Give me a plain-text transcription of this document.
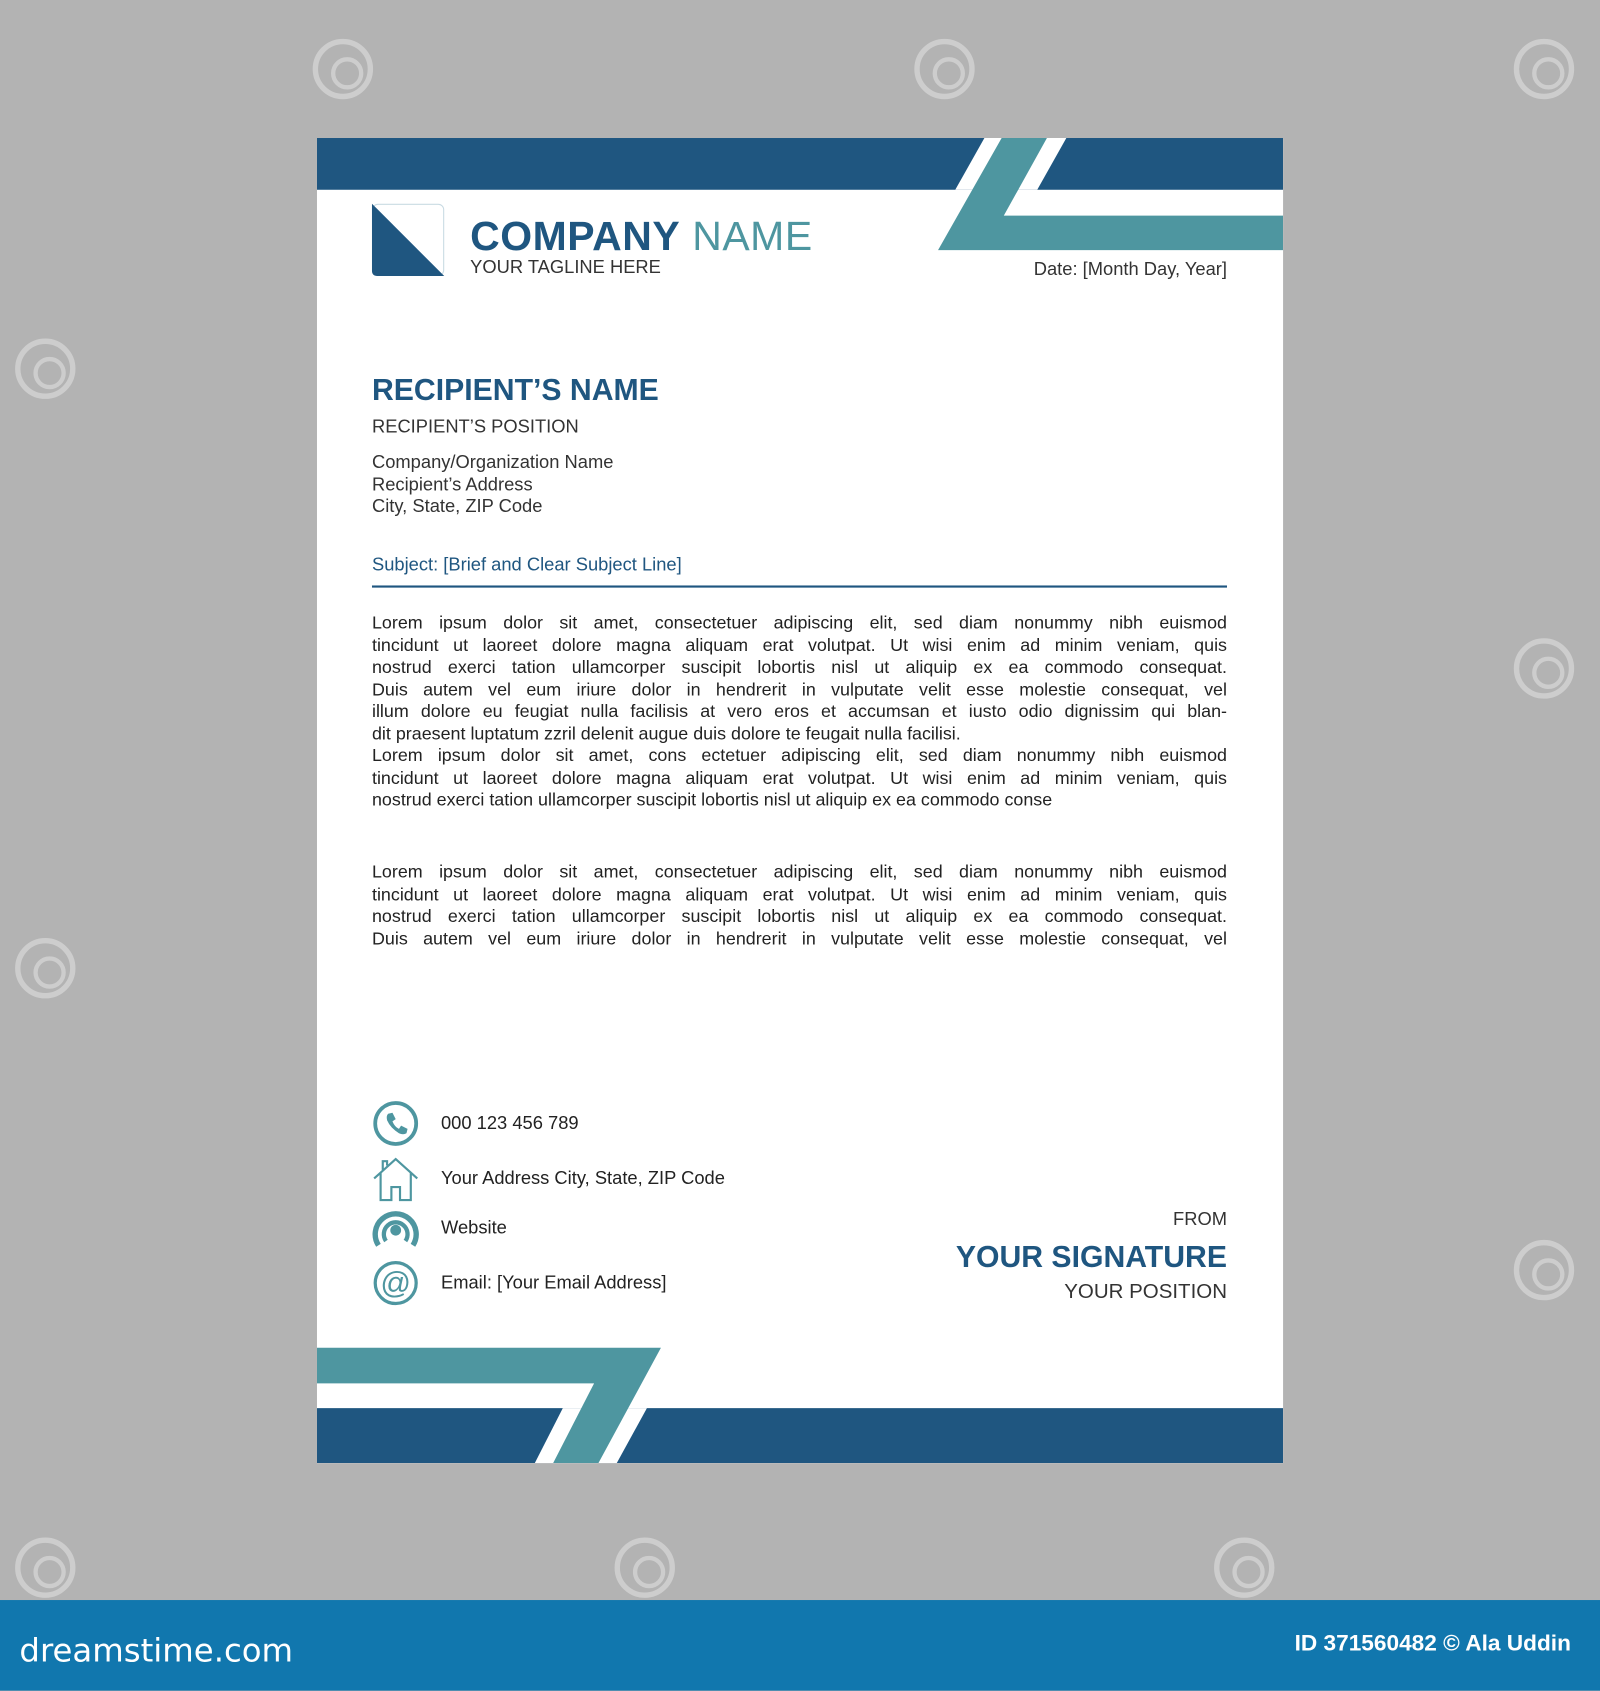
COMPANY NAME
YOUR TAGLINE HERE	Date: [Month Day, Year]
RECIPIENT’S NAME
RECIPIENT’S POSITION
Company/Organization Name
Recipient’s Address
City, State, ZIP Code
Subject: [Brief and Clear Subject Line]
Lorem ipsum dolor sit amet, consectetuer adipiscing elit, sed diam nonummy nibh euismod
tincidunt ut laoreet dolore magna aliquam erat volutpat. Ut wisi enim ad minim veniam, quis
nostrud exerci tation ullamcorper suscipit lobortis nisl ut aliquip ex ea commodo consequat.
Duis autem vel eum iriure dolor in hendrerit in vulputate velit esse molestie consequat, vel
illum dolore eu feugiat nulla facilisis at vero eros et accumsan et iusto odio dignissim qui blan-
dit praesent luptatum zzril delenit augue duis dolore te feugait nulla facilisi.
Lorem ipsum dolor sit amet, cons ectetuer adipiscing elit, sed diam nonummy nibh euismod
tincidunt ut laoreet dolore magna aliquam erat volutpat. Ut wisi enim ad minim veniam, quis
nostrud exerci tation ullamcorper suscipit lobortis nisl ut aliquip ex ea commodo conse
Lorem ipsum dolor sit amet, consectetuer adipiscing elit, sed diam nonummy nibh euismod
tincidunt ut laoreet dolore magna aliquam erat volutpat. Ut wisi enim ad minim veniam, quis
nostrud exerci tation ullamcorper suscipit lobortis nisl ut aliquip ex ea commodo consequat.
Duis autem vel eum iriure dolor in hendrerit in vulputate velit esse molestie consequat, vel
000 123 456 789
Your Address City, State, ZIP Code
Website
@ Email: [Your Email Address]
FROM
YOUR SIGNATURE
YOUR POSITION
dreamstime.com	ID 371560482 © Ala Uddin
